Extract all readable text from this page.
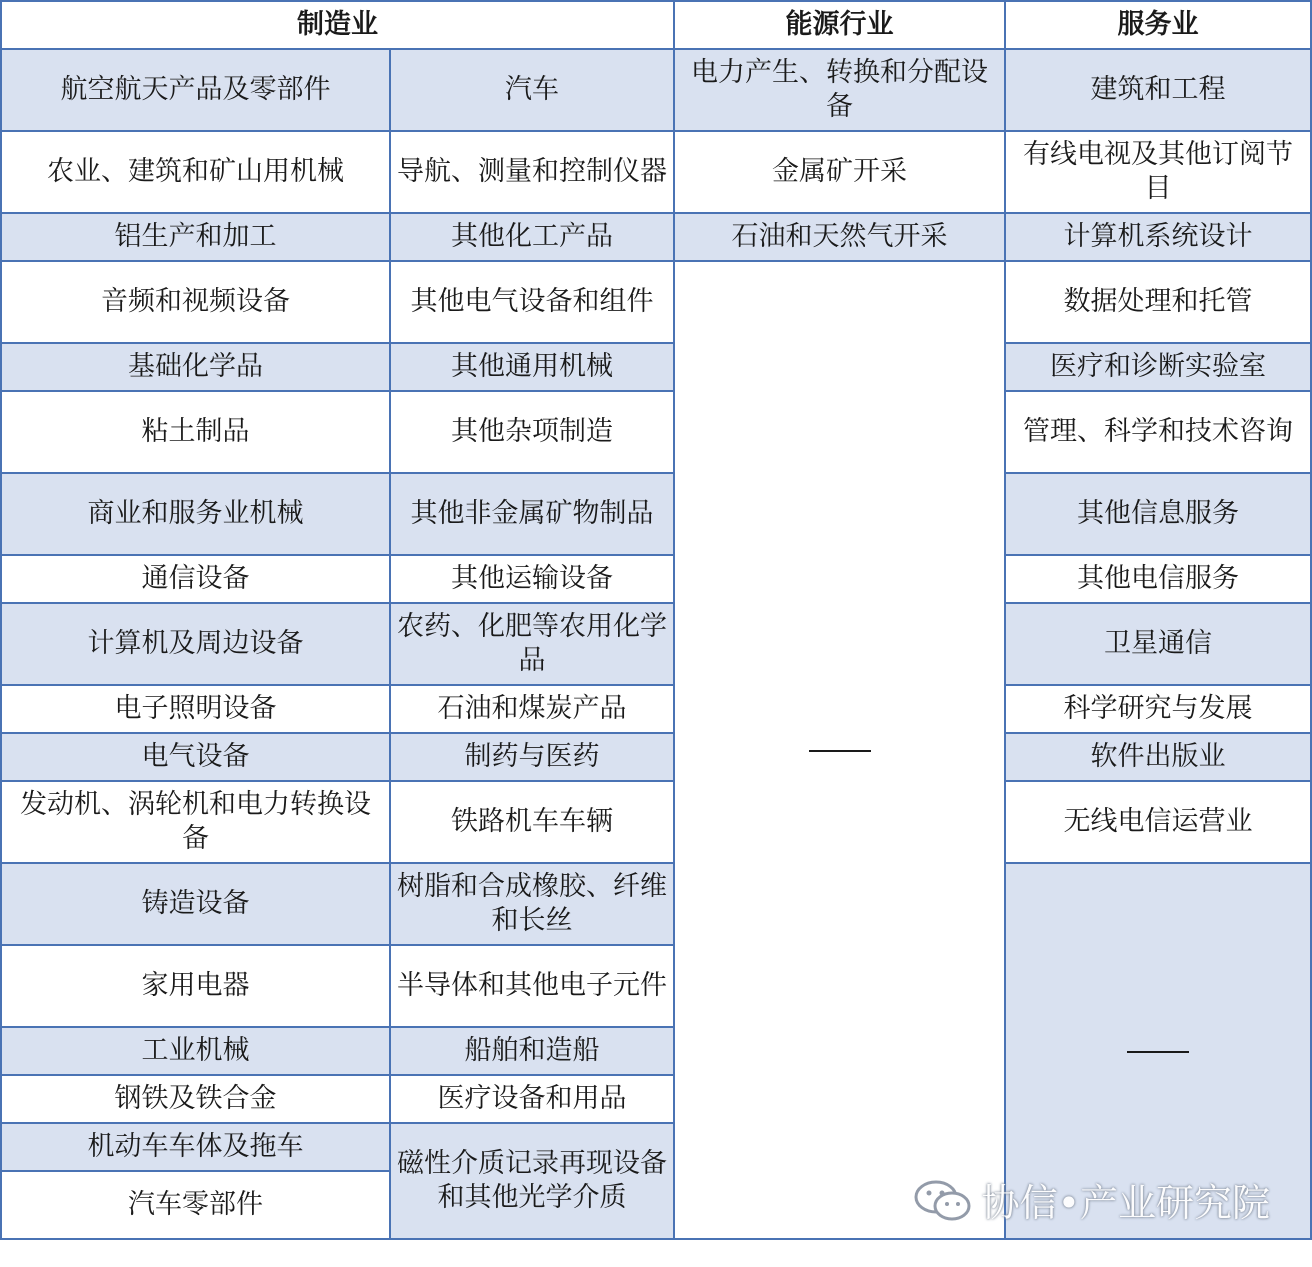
制造业		能源行业	服务业
航空航天产品及零部件	汽车	电力产生、转换和分配设备	建筑和工程
农业、建筑和矿山用机械	导航、测量和控制仪器	金属矿开采	有线电视及其他订阅节目
铝生产和加工	其他化工产品	石油和天然气开采	计算机系统设计
音频和视频设备	其他电气设备和组件		数据处理和托管
基础化学品	其他通用机械		医疗和诊断实验室
粘土制品	其他杂项制造		管理、科学和技术咨询
商业和服务业机械	其他非金属矿物制品		其他信息服务
通信设备	其他运输设备		其他电信服务
计算机及周边设备	农药、化肥等农用化学品		卫星通信
电子照明设备	石油和煤炭产品		科学研究与发展
电气设备	制药与医药		软件出版业
发动机、涡轮机和电力转换设备	铁路机车车辆		无线电信运营业
铸造设备	树脂和合成橡胶、纤维和长丝		
家用电器	半导体和其他电子元件		
工业机械	船舶和造船		
钢铁及铁合金	医疗设备和用品		
机动车车体及拖车	磁性介质记录再现设备和其他光学介质		
汽车零部件				协信•产业研究院
